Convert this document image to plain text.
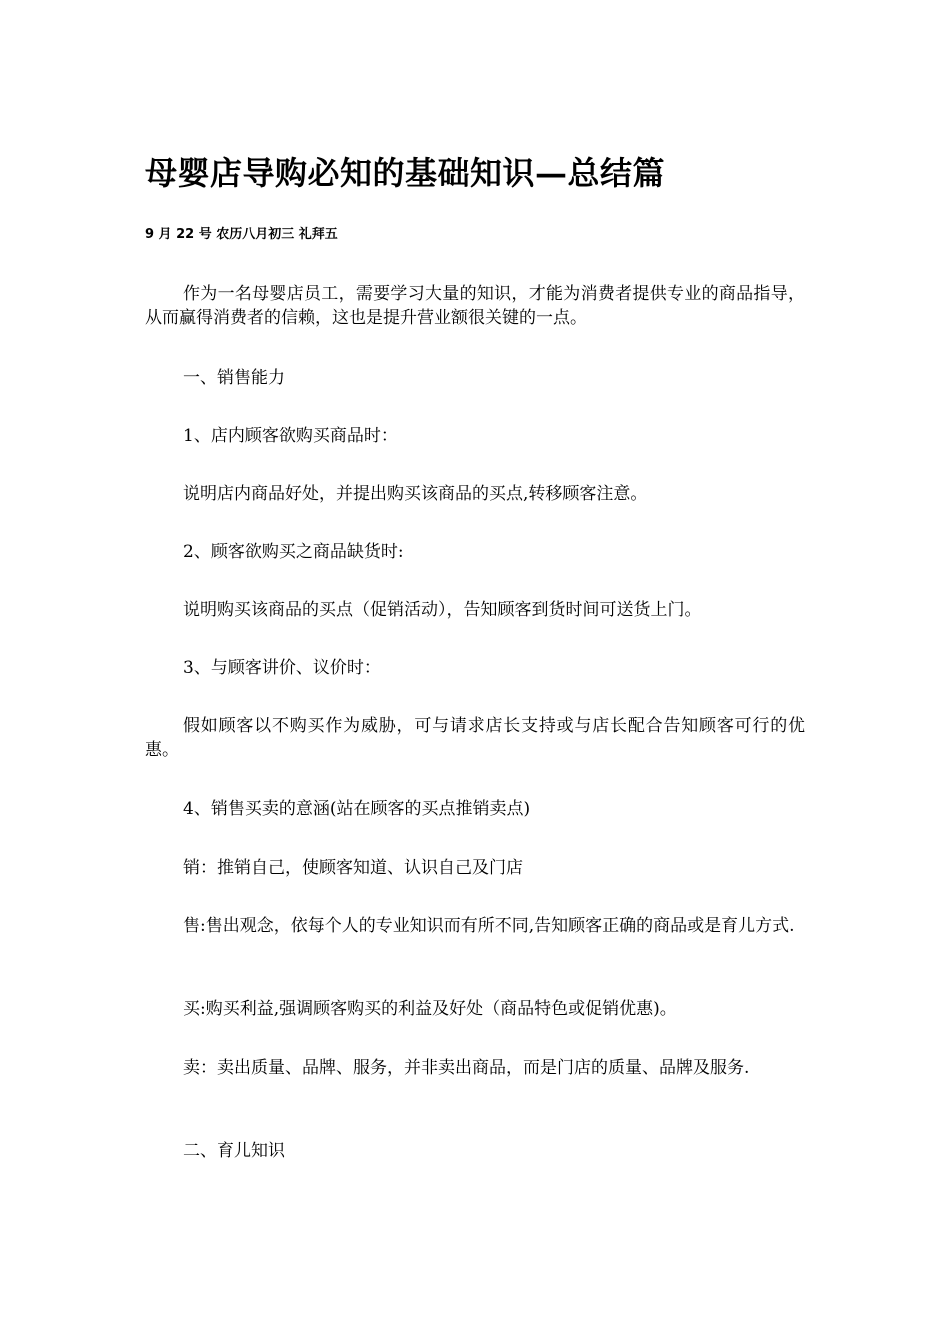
母婴店导购必知的基础知识—总结篇

9 月 22 号 农历八月初三 礼拜五

作为一名母婴店员工，需要学习大量的知识，才能为消费者提供专业的商品指导，从而赢得消费者的信赖，这也是提升营业额很关键的一点。

一、销售能力

1、店内顾客欲购买商品时：

说明店内商品好处，并提出购买该商品的买点,转移顾客注意。

2、顾客欲购买之商品缺货时:

说明购买该商品的买点（促销活动），告知顾客到货时间可送货上门。

3、与顾客讲价、议价时：

假如顾客以不购买作为威胁，可与请求店长支持或与店长配合告知顾客可行的优惠。

4、销售买卖的意涵(站在顾客的买点推销卖点)

销：推销自己，使顾客知道、认识自己及门店

售:售出观念，依每个人的专业知识而有所不同,告知顾客正确的商品或是育儿方式.

买:购买利益,强调顾客购买的利益及好处（商品特色或促销优惠)。

卖：卖出质量、品牌、服务，并非卖出商品，而是门店的质量、品牌及服务.

二、育儿知识
